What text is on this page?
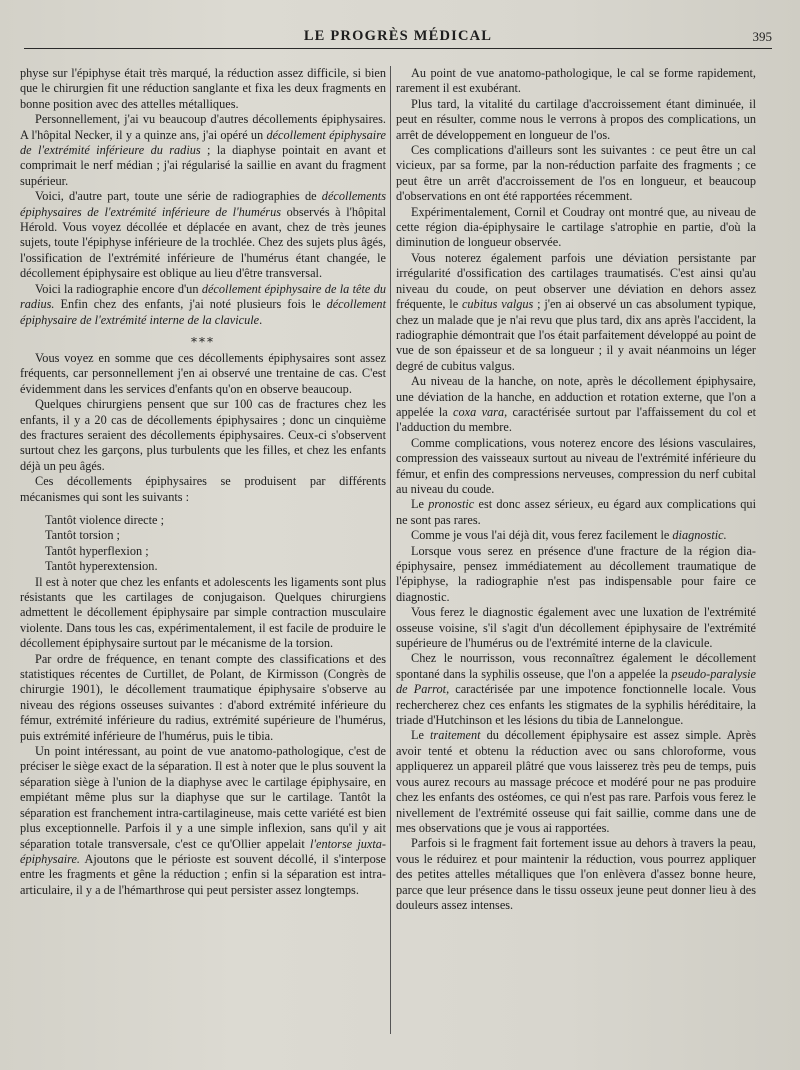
LE PROGRÈS MÉDICAL	395

physe sur l'épiphyse était très marqué, la réduction assez difficile, si bien que le chirurgien fit une réduction sanglante et fixa les deux fragments en bonne position avec des attelles métalliques.

Personnellement, j'ai vu beaucoup d'autres décollements épiphysaires. A l'hôpital Necker, il y a quinze ans, j'ai opéré un décollement épiphysaire de l'extrémité inférieure du radius ; la diaphyse pointait en avant et comprimait le nerf médian ; j'ai régularisé la saillie en avant du fragment supérieur.

Voici, d'autre part, toute une série de radiographies de décollements épiphysaires de l'extrémité inférieure de l'humérus observés à l'hôpital Hérold. Vous voyez décollée et déplacée en avant, chez de très jeunes sujets, toute l'épiphyse inférieure de la trochlée. Chez des sujets plus âgés, l'ossification de l'extrémité inférieure de l'humérus étant changée, le décollement épiphysaire est oblique au lieu d'être transversal.

Voici la radiographie encore d'un décollement épiphysaire de la tête du radius. Enfin chez des enfants, j'ai noté plusieurs fois le décollement épiphysaire de l'extrémité interne de la clavicule.

⁎⁎⁎

Vous voyez en somme que ces décollements épiphysaires sont assez fréquents, car personnellement j'en ai observé une trentaine de cas. C'est évidemment dans les services d'enfants qu'on en observe beaucoup.

Quelques chirurgiens pensent que sur 100 cas de fractures chez les enfants, il y a 20 cas de décollements épiphysaires ; donc un cinquième des fractures seraient des décollements épiphysaires. Ceux-ci s'observent surtout chez les garçons, plus turbulents que les filles, et chez les enfants déjà un peu âgés.

Ces décollements épiphysaires se produisent par différents mécanismes qui sont les suivants :

Tantôt violence directe ;

Tantôt torsion ;

Tantôt hyperflexion ;

Tantôt hyperextension.

Il est à noter que chez les enfants et adolescents les ligaments sont plus résistants que les cartilages de conjugaison. Quelques chirurgiens admettent le décollement épiphysaire par simple contraction musculaire violente. Dans tous les cas, expérimentalement, il est facile de produire le décollement épiphysaire surtout par le mécanisme de la torsion.

Par ordre de fréquence, en tenant compte des classifications et des statistiques récentes de Curtillet, de Polant, de Kirmisson (Congrès de chirurgie 1901), le décollement traumatique épiphysaire s'observe au niveau des régions osseuses suivantes : d'abord extrémité inférieure du fémur, extrémité inférieure du radius, extrémité supérieure de l'humérus, puis extrémité inférieure de l'humérus, puis le tibia.

Un point intéressant, au point de vue anatomo-pathologique, c'est de préciser le siège exact de la séparation. Il est à noter que le plus souvent la séparation siège à l'union de la diaphyse avec le cartilage épiphysaire, en empiétant même plus sur la diaphyse que sur le cartilage. Tantôt la séparation est franchement intra-cartilagineuse, mais cette variété est bien plus exceptionnelle. Parfois il y a une simple inflexion, sans qu'il y ait séparation totale transversale, c'est ce qu'Ollier appelait l'entorse juxta-épiphysaire. Ajoutons que le périoste est souvent décollé, il s'interpose entre les fragments et gêne la réduction ; enfin si la séparation est intra-articulaire, il y a de l'hémarthrose qui peut persister assez longtemps.

Au point de vue anatomo-pathologique, le cal se forme rapidement, rarement il est exubérant.

Plus tard, la vitalité du cartilage d'accroissement étant diminuée, il peut en résulter, comme nous le verrons à propos des complications, un arrêt de développement en longueur de l'os.

Ces complications d'ailleurs sont les suivantes : ce peut être un cal vicieux, par sa forme, par la non-réduction parfaite des fragments ; ce peut être un arrêt d'accroissement de l'os en longueur, et beaucoup d'observations en ont été rapportées récemment.

Expérimentalement, Cornil et Coudray ont montré que, au niveau de cette région dia-épiphysaire le cartilage s'atrophie en partie, d'où la diminution de longueur observée.

Vous noterez également parfois une déviation persistante par irrégularité d'ossification des cartilages traumatisés. C'est ainsi qu'au niveau du coude, on peut observer une déviation en dehors assez fréquente, le cubitus valgus ; j'en ai observé un cas absolument typique, chez un malade que je n'ai revu que plus tard, dix ans après l'accident, la radiographie démontrait que l'os était parfaitement développé au point de vue de son épaisseur et de sa longueur ; il y avait néanmoins un léger degré de cubitus valgus.

Au niveau de la hanche, on note, après le décollement épiphysaire, une déviation de la hanche, en adduction et rotation externe, que l'on a appelée la coxa vara, caractérisée surtout par l'affaissement du col et l'adduction du membre.

Comme complications, vous noterez encore des lésions vasculaires, compression des vaisseaux surtout au niveau de l'extrémité inférieure du fémur, et enfin des compressions nerveuses, compression du nerf cubital au niveau du coude.

Le pronostic est donc assez sérieux, eu égard aux complications qui ne sont pas rares.

Comme je vous l'ai déjà dit, vous ferez facilement le diagnostic.

Lorsque vous serez en présence d'une fracture de la région dia-épiphysaire, pensez immédiatement au décollement traumatique de l'épiphyse, la radiographie n'est pas indispensable pour faire ce diagnostic.

Vous ferez le diagnostic également avec une luxation de l'extrémité osseuse voisine, s'il s'agit d'un décollement épiphysaire de l'extrémité supérieure de l'humérus ou de l'extrémité interne de la clavicule.

Chez le nourrisson, vous reconnaîtrez également le décollement spontané dans la syphilis osseuse, que l'on a appelée la pseudo-paralysie de Parrot, caractérisée par une impotence fonctionnelle locale. Vous rechercherez chez ces enfants les stigmates de la syphilis héréditaire, la triade d'Hutchinson et les lésions du tibia de Lannelongue.

Le traitement du décollement épiphysaire est assez simple. Après avoir tenté et obtenu la réduction avec ou sans chloroforme, vous appliquerez un appareil plâtré que vous laisserez très peu de temps, puis vous aurez recours au massage précoce et modéré pour ne pas produire chez les enfants des ostéomes, ce qui n'est pas rare. Parfois vous ferez le nivellement de l'extrémité osseuse qui fait saillie, comme dans une de mes observations que je vous ai rapportées.

Parfois si le fragment fait fortement issue au dehors à travers la peau, vous le réduirez et pour maintenir la réduction, vous pourrez appliquer des petites attelles métalliques que l'on enlèvera d'assez bonne heure, parce que leur présence dans le tissu osseux jeune peut donner lieu à des douleurs assez intenses.
